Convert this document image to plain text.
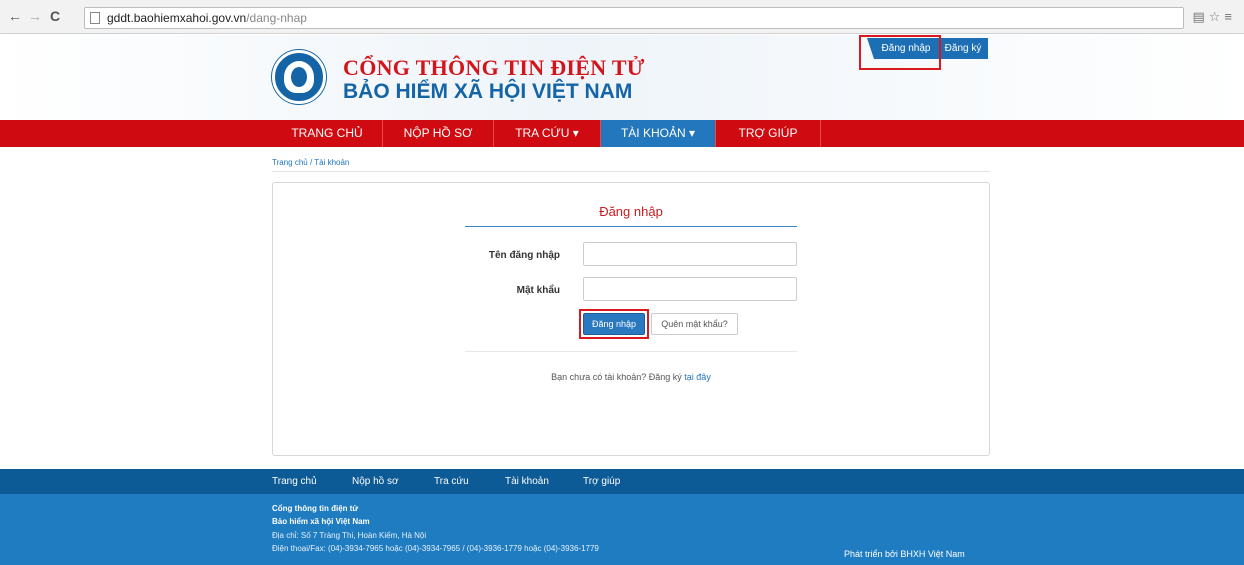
← → C	gddt.baohiemxahoi.gov.vn/dang-nhap	▤☆≡
CỔNG THÔNG TIN ĐIỆN TỬ
BẢO HIỂM XÃ HỘI VIỆT NAM
Đăng nhập	Đăng ký
TRANG CHỦ	NỘP HỒ SƠ	TRA CỨU ▾	TÀI KHOẢN ▾	TRỢ GIÚP
Trang chủ / Tài khoản
Đăng nhập
Tên đăng nhập
Mật khẩu
Đăng nhập	Quên mật khẩu?
Bạn chưa có tài khoản? Đăng ký tại đây
Trang chủ	Nộp hồ sơ	Tra cứu	Tài khoản	Trợ giúp
Cổng thông tin điện tử
Bảo hiểm xã hội Việt Nam
Địa chỉ: Số 7 Tràng Thi, Hoàn Kiếm, Hà Nội
Điện thoại/Fax: (04)-3934-7965 hoặc (04)-3934-7965 / (04)-3936-1779 hoặc (04)-3936-1779
Phát triển bởi BHXH Việt Nam
